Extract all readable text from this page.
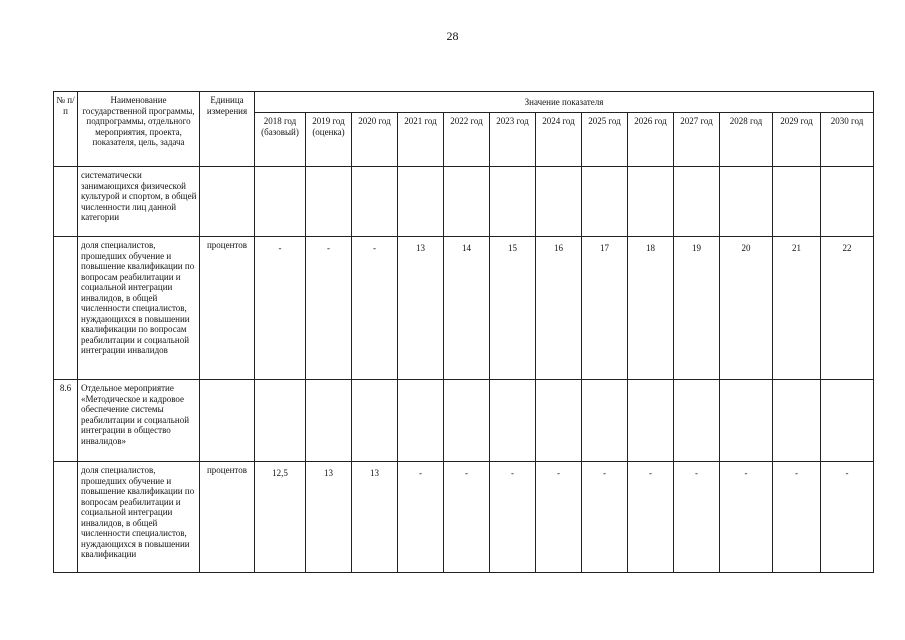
28
№ п/п	Наименование государственной программы, подпрограммы, отдельного мероприятия, проекта, показателя, цель, задача	Единица измерения	Значение показателя												
			2018 год (базовый)	2019 год (оценка)	2020 год	2021 год	2022 год	2023 год	2024 год	2025 год	2026 год	2027 год	2028 год	2029 год	2030 год
	систематически занимающихся физической культурой и спортом, в общей численности лиц данной категории														
	доля специалистов, прошедших обучение и повышение квалификации по вопросам реабилитации и социальной интеграции инвалидов, в общей численности специалистов, нуждающихся в повышении квалификации по вопросам реабилитации и социальной интеграции инвалидов	процентов	-	-	-	13	14	15	16	17	18	19	20	21	22
8.6	Отдельное мероприятие «Методическое и кадровое обеспечение системы реабилитации и социальной интеграции в общество инвалидов»														
	доля специалистов, прошедших обучение и повышение квалификации по вопросам реабилитации и социальной интеграции инвалидов, в общей численности специалистов, нуждающихся в повышении квалификации	процентов	12,5	13	13	-	-	-	-	-	-	-	-	-	-
